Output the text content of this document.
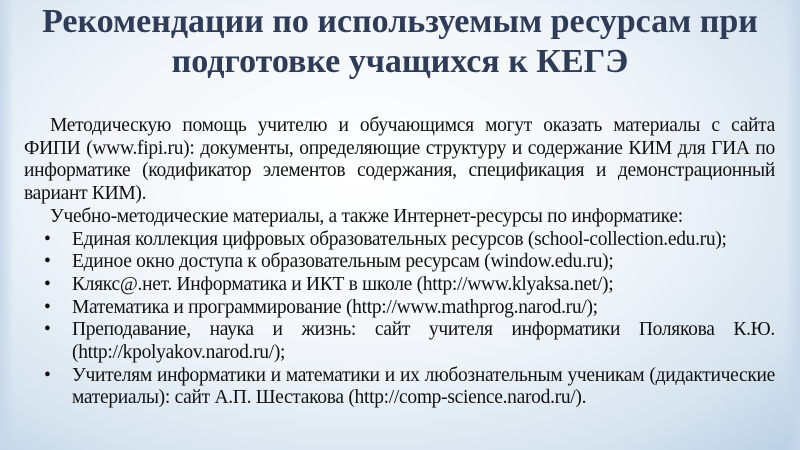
Рекомендации по используемым ресурсам при
подготовке учащихся к КЕГЭ

Методическую помощь учителю и обучающимся могут оказать материалы с сайта ФИПИ (www.fipi.ru): документы, определяющие структуру и содержание КИМ для ГИА по информатике (кодификатор элементов содержания, спецификация и демонстрационный вариант КИМ).

Учебно-методические материалы, а также Интернет-ресурсы по информатике:

• Единая коллекция цифровых образовательных ресурсов (school-collection.edu.ru);
• Единое окно доступа к образовательным ресурсам (window.edu.ru);
• Клякс@.нет. Информатика и ИКТ в школе (http://www.klyaksa.net/);
• Математика и программирование (http://www.mathprog.narod.ru/);
• Преподавание, наука и жизнь: сайт учителя информатики Полякова К.Ю. (http://kpolyakov.narod.ru/);
• Учителям информатики и математики и их любознательным ученикам (дидактические материалы): сайт А.П. Шестакова (http://comp-science.narod.ru/).
